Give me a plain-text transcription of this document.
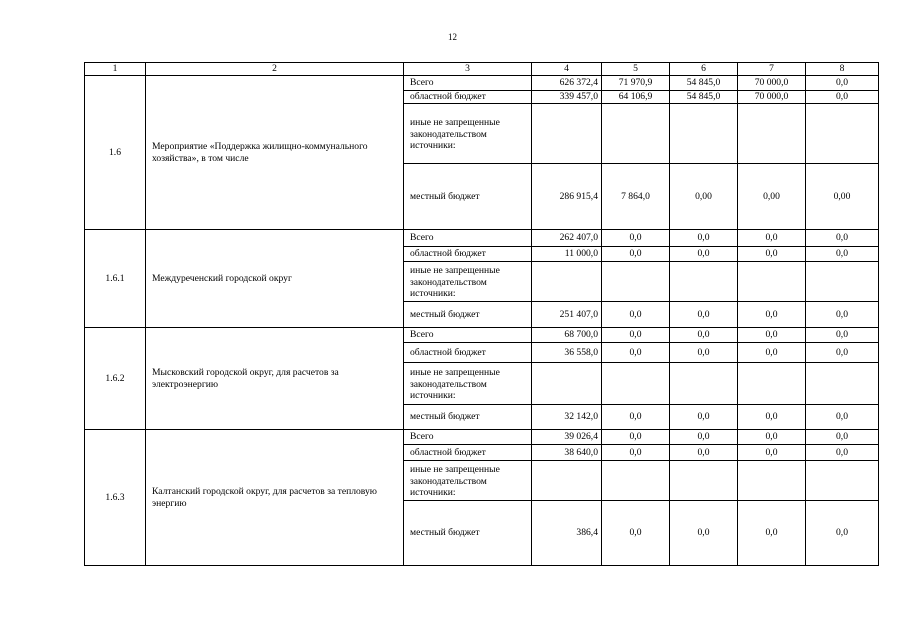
12
1	2	3	4	5	6	7	8
1.6	Мероприятие «Поддержка жилищно-коммунального хозяйства», в том числе	Всего	626 372,4	71 970,9	54 845,0	70 000,0	0,0
		областной бюджет	339 457,0	64 106,9	54 845,0	70 000,0	0,0
		иные не запрещенные законодательством источники:					
		местный бюджет	286 915,4	7 864,0	0,00	0,00	0,00
1.6.1	Междуреченский городской округ	Всего	262 407,0	0,0	0,0	0,0	0,0
		областной бюджет	11 000,0	0,0	0,0	0,0	0,0
		иные не запрещенные законодательством источники:					
		местный бюджет	251 407,0	0,0	0,0	0,0	0,0
1.6.2	Мысковский городской округ, для расчетов за электроэнергию	Всего	68 700,0	0,0	0,0	0,0	0,0
		областной бюджет	36 558,0	0,0	0,0	0,0	0,0
		иные не запрещенные законодательством источники:					
		местный бюджет	32 142,0	0,0	0,0	0,0	0,0
1.6.3	Калтанский городской округ, для расчетов за тепловую энергию	Всего	39 026,4	0,0	0,0	0,0	0,0
		областной бюджет	38 640,0	0,0	0,0	0,0	0,0
		иные не запрещенные законодательством источники:					
		местный бюджет	386,4	0,0	0,0	0,0	0,0
